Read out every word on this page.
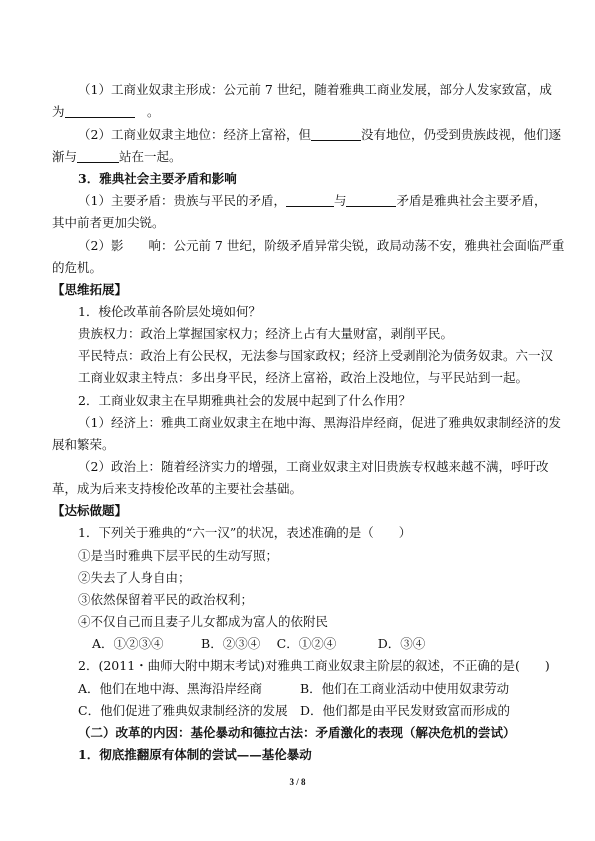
（1）工商业奴隶主形成：公元前 7 世纪，随着雅典工商业发展，部分人发家致富，成
为	　。
（2）工商业奴隶主地位：经济上富裕，但	没有地位，仍受到贵族歧视，他们逐
渐与	站在一起。
3．雅典社会主要矛盾和影响
（1）主要矛盾：贵族与平民的矛盾，	与	矛盾是雅典社会主要矛盾，
其中前者更加尖锐。
（2）影　　响：公元前 7 世纪，阶级矛盾异常尖锐，政局动荡不安，雅典社会面临严重
的危机。
【思维拓展】
1．梭伦改革前各阶层处境如何？
贵族权力：政治上掌握国家权力；经济上占有大量财富，剥削平民。
平民特点：政治上有公民权，无法参与国家政权；经济上受剥削沦为债务奴隶。六一汉
工商业奴隶主特点：多出身平民，经济上富裕，政治上没地位，与平民站到一起。
2．工商业奴隶主在早期雅典社会的发展中起到了什么作用？
（1）经济上：雅典工商业奴隶主在地中海、黑海沿岸经商，促进了雅典奴隶制经济的发
展和繁荣。
（2）政治上：随着经济实力的增强，工商业奴隶主对旧贵族专权越来越不满，呼吁改
革，成为后来支持梭伦改革的主要社会基础。
【达标做题】
1．下列关于雅典的“六一汉”的状况，表述准确的是（　　）
①是当时雅典下层平民的生动写照；
②失去了人身自由；
③依然保留着平民的政治权利；
④不仅自己而且妻子儿女都成为富人的依附民
A．①②③④　　　B．②③④　 C．①②④　　　 D．③④
2．(2011・曲师大附中期末考试)对雅典工商业奴隶主阶层的叙述，不正确的是(　　)
A．他们在地中海、黑海沿岸经商	B．他们在工商业活动中使用奴隶劳动
C．他们促进了雅典奴隶制经济的发展 D．他们都是由平民发财致富而形成的
（二）改革的内因：基伦暴动和德拉古法：矛盾激化的表现（解决危机的尝试）
1．彻底推翻原有体制的尝试——基伦暴动
3 / 8
